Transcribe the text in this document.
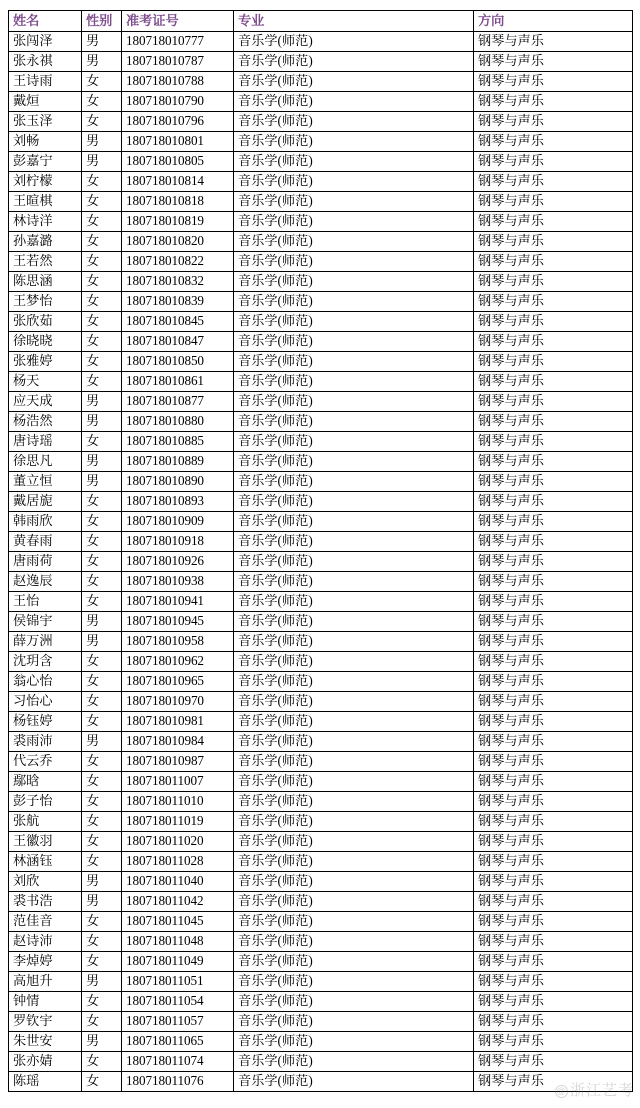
姓名	性别	准考证号	专业	方向
张闯泽	男	180718010777	音乐学(师范)	钢琴与声乐
张永祺	男	180718010787	音乐学(师范)	钢琴与声乐
王诗雨	女	180718010788	音乐学(师范)	钢琴与声乐
戴烜	女	180718010790	音乐学(师范)	钢琴与声乐
张玉泽	女	180718010796	音乐学(师范)	钢琴与声乐
刘畅	男	180718010801	音乐学(师范)	钢琴与声乐
彭嘉宁	男	180718010805	音乐学(师范)	钢琴与声乐
刘柠檬	女	180718010814	音乐学(师范)	钢琴与声乐
王暄棋	女	180718010818	音乐学(师范)	钢琴与声乐
林诗洋	女	180718010819	音乐学(师范)	钢琴与声乐
孙嘉潞	女	180718010820	音乐学(师范)	钢琴与声乐
王若然	女	180718010822	音乐学(师范)	钢琴与声乐
陈思涵	女	180718010832	音乐学(师范)	钢琴与声乐
王梦怡	女	180718010839	音乐学(师范)	钢琴与声乐
张欣茹	女	180718010845	音乐学(师范)	钢琴与声乐
徐晓晓	女	180718010847	音乐学(师范)	钢琴与声乐
张雅婷	女	180718010850	音乐学(师范)	钢琴与声乐
杨天	女	180718010861	音乐学(师范)	钢琴与声乐
应天成	男	180718010877	音乐学(师范)	钢琴与声乐
杨浩然	男	180718010880	音乐学(师范)	钢琴与声乐
唐诗瑶	女	180718010885	音乐学(师范)	钢琴与声乐
徐思凡	男	180718010889	音乐学(师范)	钢琴与声乐
董立恒	男	180718010890	音乐学(师范)	钢琴与声乐
戴居旎	女	180718010893	音乐学(师范)	钢琴与声乐
韩雨欣	女	180718010909	音乐学(师范)	钢琴与声乐
黄春雨	女	180718010918	音乐学(师范)	钢琴与声乐
唐雨荷	女	180718010926	音乐学(师范)	钢琴与声乐
赵逸辰	女	180718010938	音乐学(师范)	钢琴与声乐
王怡	女	180718010941	音乐学(师范)	钢琴与声乐
侯锦宇	男	180718010945	音乐学(师范)	钢琴与声乐
薛万洲	男	180718010958	音乐学(师范)	钢琴与声乐
沈玥含	女	180718010962	音乐学(师范)	钢琴与声乐
翁心怡	女	180718010965	音乐学(师范)	钢琴与声乐
习怡心	女	180718010970	音乐学(师范)	钢琴与声乐
杨钰婷	女	180718010981	音乐学(师范)	钢琴与声乐
裘雨沛	男	180718010984	音乐学(师范)	钢琴与声乐
代云乔	女	180718010987	音乐学(师范)	钢琴与声乐
鄢晗	女	180718011007	音乐学(师范)	钢琴与声乐
彭子怡	女	180718011010	音乐学(师范)	钢琴与声乐
张航	女	180718011019	音乐学(师范)	钢琴与声乐
王徽羽	女	180718011020	音乐学(师范)	钢琴与声乐
林涵钰	女	180718011028	音乐学(师范)	钢琴与声乐
刘欣	男	180718011040	音乐学(师范)	钢琴与声乐
裘书浩	男	180718011042	音乐学(师范)	钢琴与声乐
范佳音	女	180718011045	音乐学(师范)	钢琴与声乐
赵诗沛	女	180718011048	音乐学(师范)	钢琴与声乐
李焯婷	女	180718011049	音乐学(师范)	钢琴与声乐
高旭升	男	180718011051	音乐学(师范)	钢琴与声乐
钟情	女	180718011054	音乐学(师范)	钢琴与声乐
罗钦宇	女	180718011057	音乐学(师范)	钢琴与声乐
朱世安	男	180718011065	音乐学(师范)	钢琴与声乐
张亦婧	女	180718011074	音乐学(师范)	钢琴与声乐
陈瑶	女	180718011076	音乐学(师范)	钢琴与声乐
@ 浙江艺考
